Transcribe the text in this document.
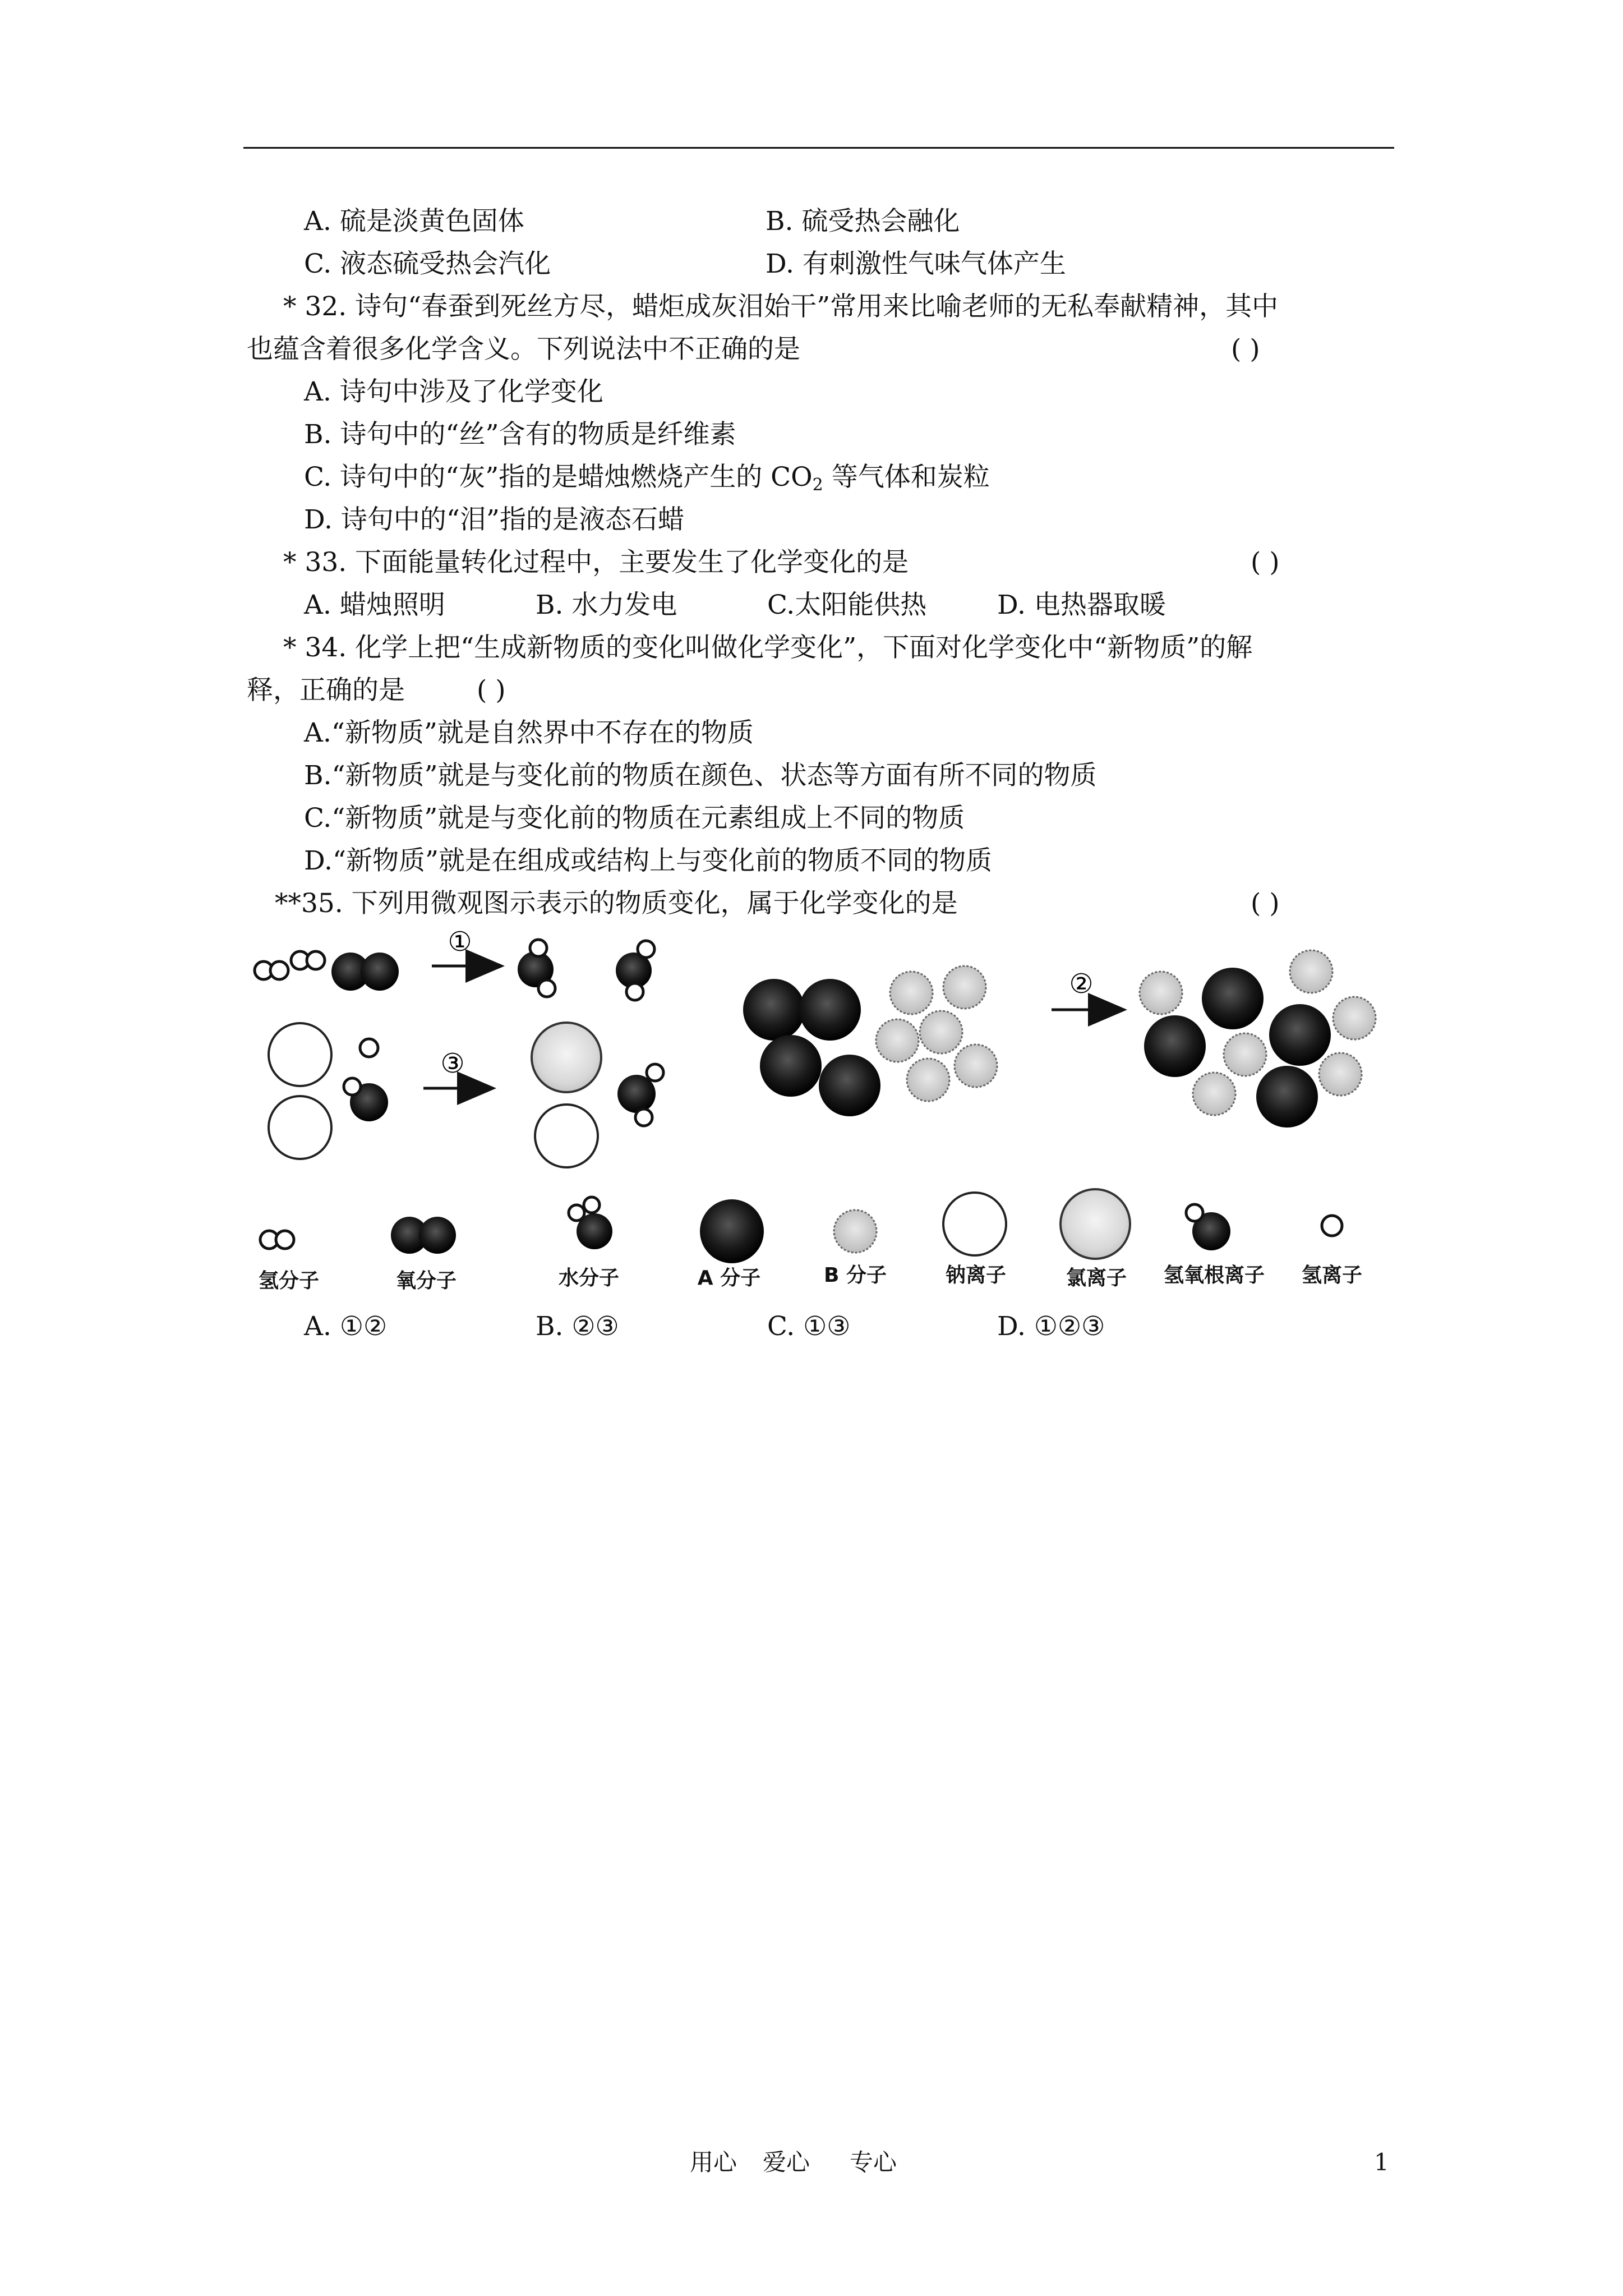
A. 硫是淡黄色固体	B. 硫受热会融化
C. 液态硫受热会汽化	D. 有刺激性气味气体产生
* 32. 诗句“春蚕到死丝方尽，蜡炬成灰泪始干”常用来比喻老师的无私奉献精神，其中
也蕴含着很多化学含义。下列说法中不正确的是	( )
A. 诗句中涉及了化学变化
B. 诗句中的“丝”含有的物质是纤维素
C. 诗句中的“灰”指的是蜡烛燃烧产生的 $CO_2$ 等气体和炭粒
D. 诗句中的“泪”指的是液态石蜡
* 33. 下面能量转化过程中，主要发生了化学变化的是	( )
A. 蜡烛照明	B. 水力发电	C.太阳能供热	D. 电热器取暖
* 34. 化学上把“生成新物质的变化叫做化学变化”，下面对化学变化中“新物质”的解
释，正确的是	( )
A.“新物质”就是自然界中不存在的物质
B.“新物质”就是与变化前的物质在颜色、状态等方面有所不同的物质
C.“新物质”就是与变化前的物质在元素组成上不同的物质
D.“新物质”就是在组成或结构上与变化前的物质不同的物质
**35. 下列用微观图示表示的物质变化，属于化学变化的是	( )
①
③
②
氢分子	氧分子	水分子	A 分子	B 分子	钠离子	氯离子 氢氧根离子 氢离子
A. ①②	B. ②③	C. ①③	D. ①②③
用心 爱心 专心	1
